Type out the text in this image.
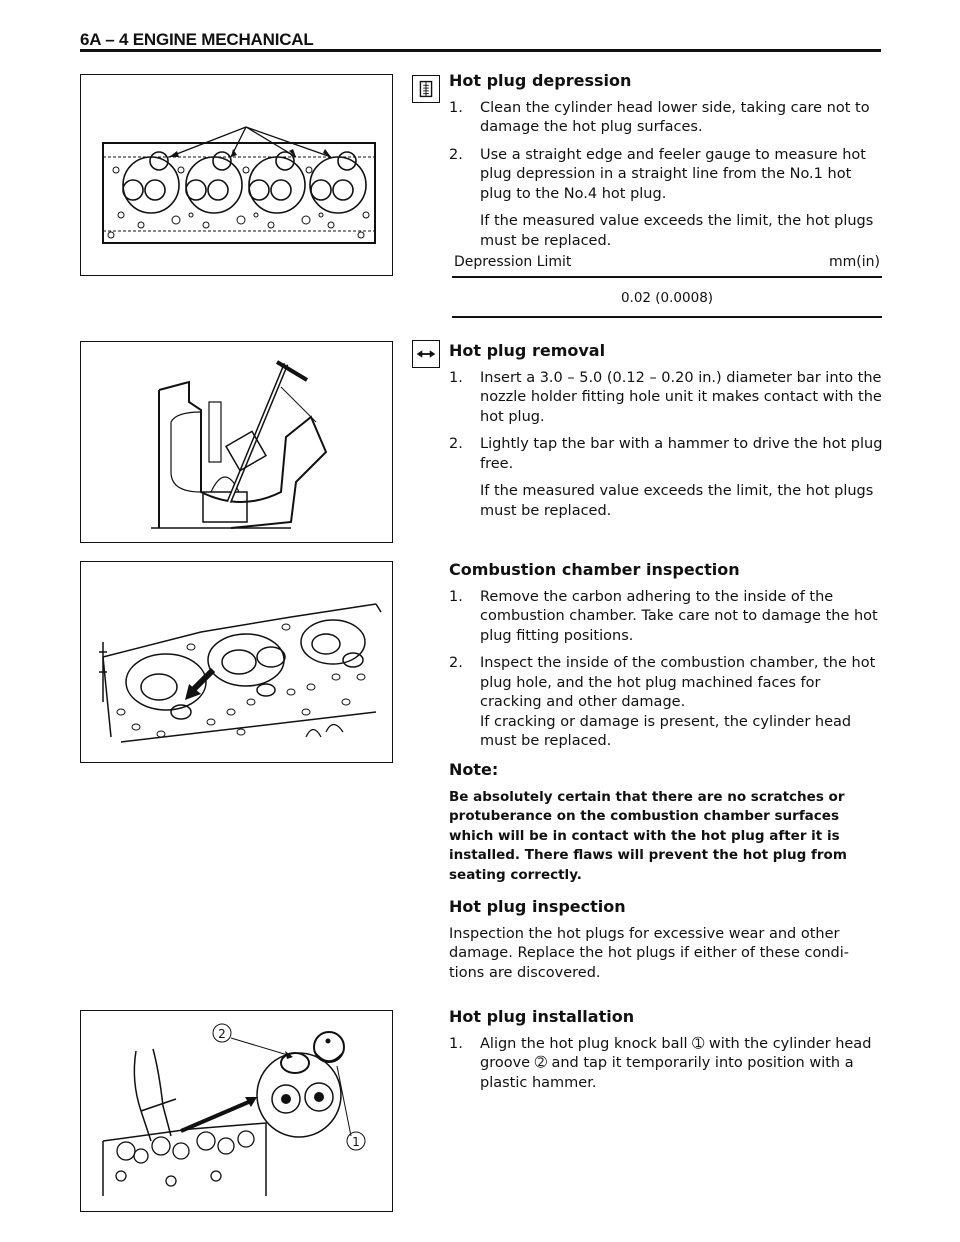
6A – 4 ENGINE MECHANICAL
Hot plug depression
1.	Clean the cylinder head lower side, taking care not to damage the hot plug surfaces.
2.	Use a straight edge and feeler gauge to measure hot plug depression in a straight line from the No.1 hot plug to the No.4 hot plug.

If the measured value exceeds the limit, the hot plugs must be replaced.

Depression Limit	mm(in)
0.02 (0.0008)
Hot plug removal
1.	Insert a 3.0 – 5.0 (0.12 – 0.20 in.) diameter bar into the nozzle holder fitting hole unit it makes contact with the hot plug.
2.	Lightly tap the bar with a hammer to drive the hot plug free.

If the measured value exceeds the limit, the hot plugs must be replaced.

Combustion chamber inspection
1.	Remove the carbon adhering to the inside of the combustion chamber. Take care not to damage the hot plug fitting positions.
2.	Inspect the inside of the combustion chamber, the hot plug hole, and the hot plug machined faces for cracking and other damage.
If cracking or damage is present, the cylinder head must be replaced.
Note:
Be absolutely certain that there are no scratches or protuberance on the combustion chamber surfaces which will be in contact with the hot plug after it is installed. There flaws will prevent the hot plug from seating correctly.
Hot plug inspection

Inspection the hot plugs for excessive wear and other damage. Replace the hot plugs if either of these condi-tions are discovered.

2
1
Hot plug installation
1.	Align the hot plug knock ball ➀ with the cylinder head groove ➁ and tap it temporarily into position with a plastic hammer.
